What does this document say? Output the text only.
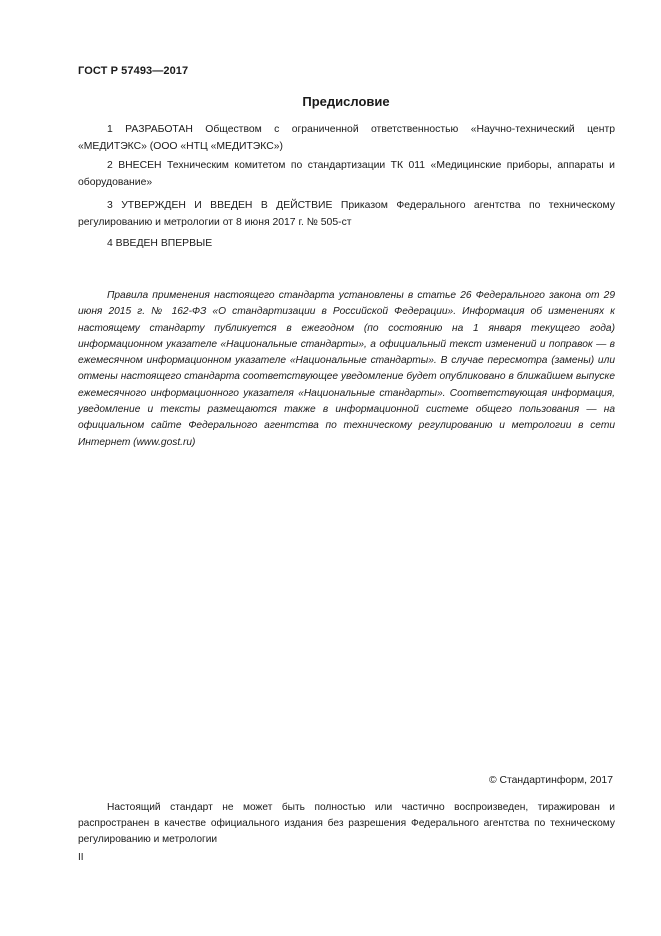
ГОСТ Р 57493—2017
Предисловие

1 РАЗРАБОТАН Обществом с ограниченной ответственностью «Научно-технический центр «МЕДИТЭКС» (ООО «НТЦ «МЕДИТЭКС»)

2 ВНЕСЕН Техническим комитетом по стандартизации ТК 011 «Медицинские приборы, аппараты и оборудование»

3 УТВЕРЖДЕН И ВВЕДЕН В ДЕЙСТВИЕ Приказом Федерального агентства по техническому регулированию и метрологии от 8 июня 2017 г. № 505-ст

4 ВВЕДЕН ВПЕРВЫЕ

Правила применения настоящего стандарта установлены в статье 26 Федерального закона от 29 июня 2015 г. № 162-ФЗ «О стандартизации в Российской Федерации». Информация об изменениях к настоящему стандарту публикуется в ежегодном (по состоянию на 1 января текущего года) информационном указателе «Национальные стандарты», а официальный текст изменений и поправок — в ежемесячном информационном указателе «Национальные стандарты». В случае пересмотра (замены) или отмены настоящего стандарта соответствующее уведомление будет опубликовано в ближайшем выпуске ежемесячного информационного указателя «Национальные стандарты». Соответствующая информация, уведомление и тексты размещаются также в информационной системе общего пользования — на официальном сайте Федерального агентства по техническому регулированию и метрологии в сети Интернет (www.gost.ru)

© Стандартинформ, 2017

Настоящий стандарт не может быть полностью или частично воспроизведен, тиражирован и распространен в качестве официального издания без разрешения Федерального агентства по техническому регулированию и метрологии

II
